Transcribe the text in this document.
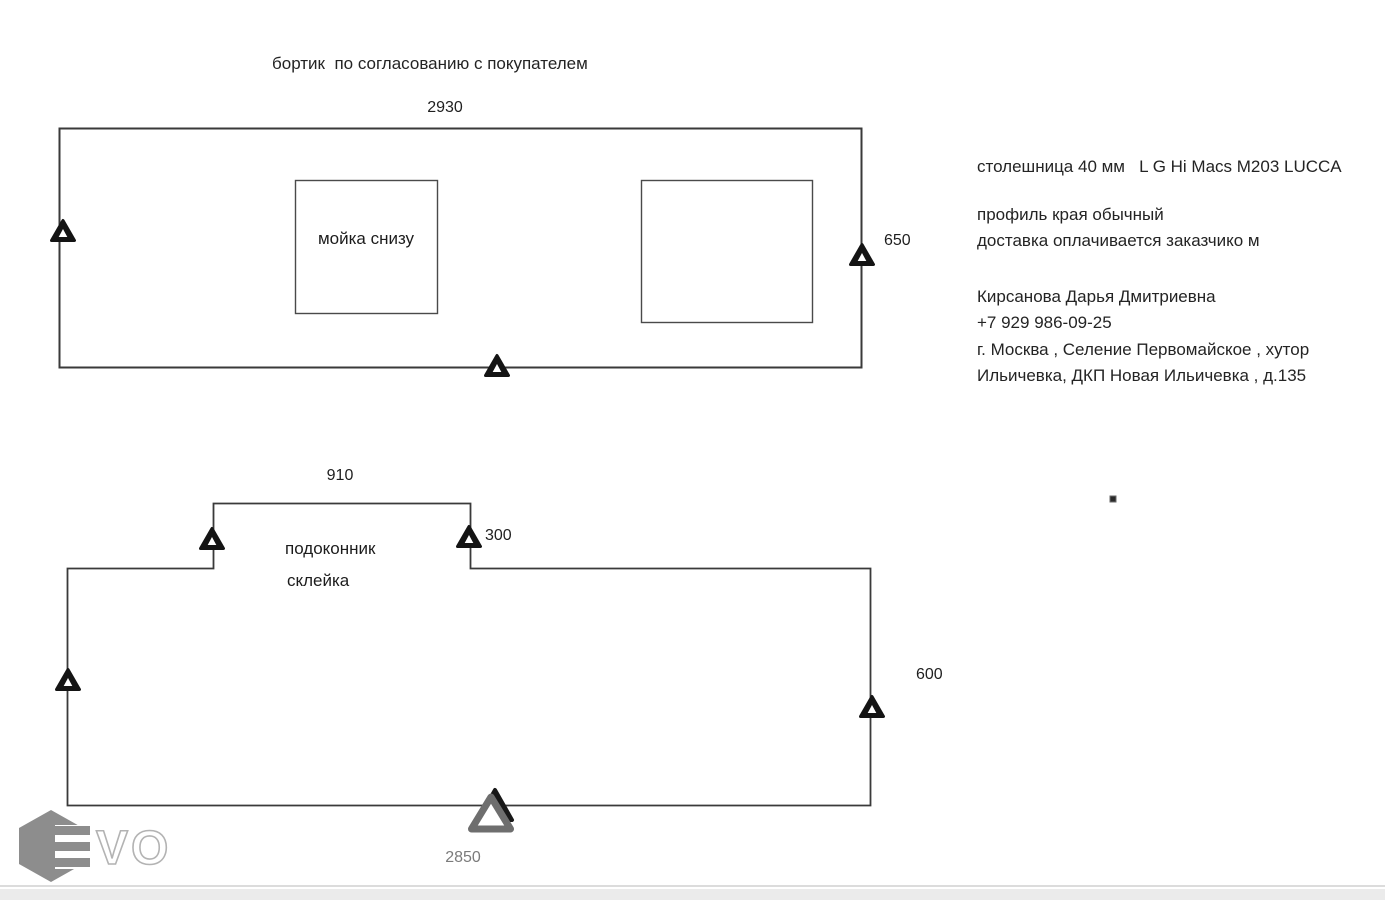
бортик  по согласованию с покупателем
2930
650
мойка снизу
910
300
подоконник
склейка
600
2850
столешница 40 мм   L G Hi Macs M203 LUCCA
профиль края обычный
доставка оплачивается заказчико м
Кирсанова Дарья Дмитриевна
+7 929 986-09-25
г. Москва , Селение Первомайское , хутор
Ильичевка, ДКП Новая Ильичевка , д.135
VO
